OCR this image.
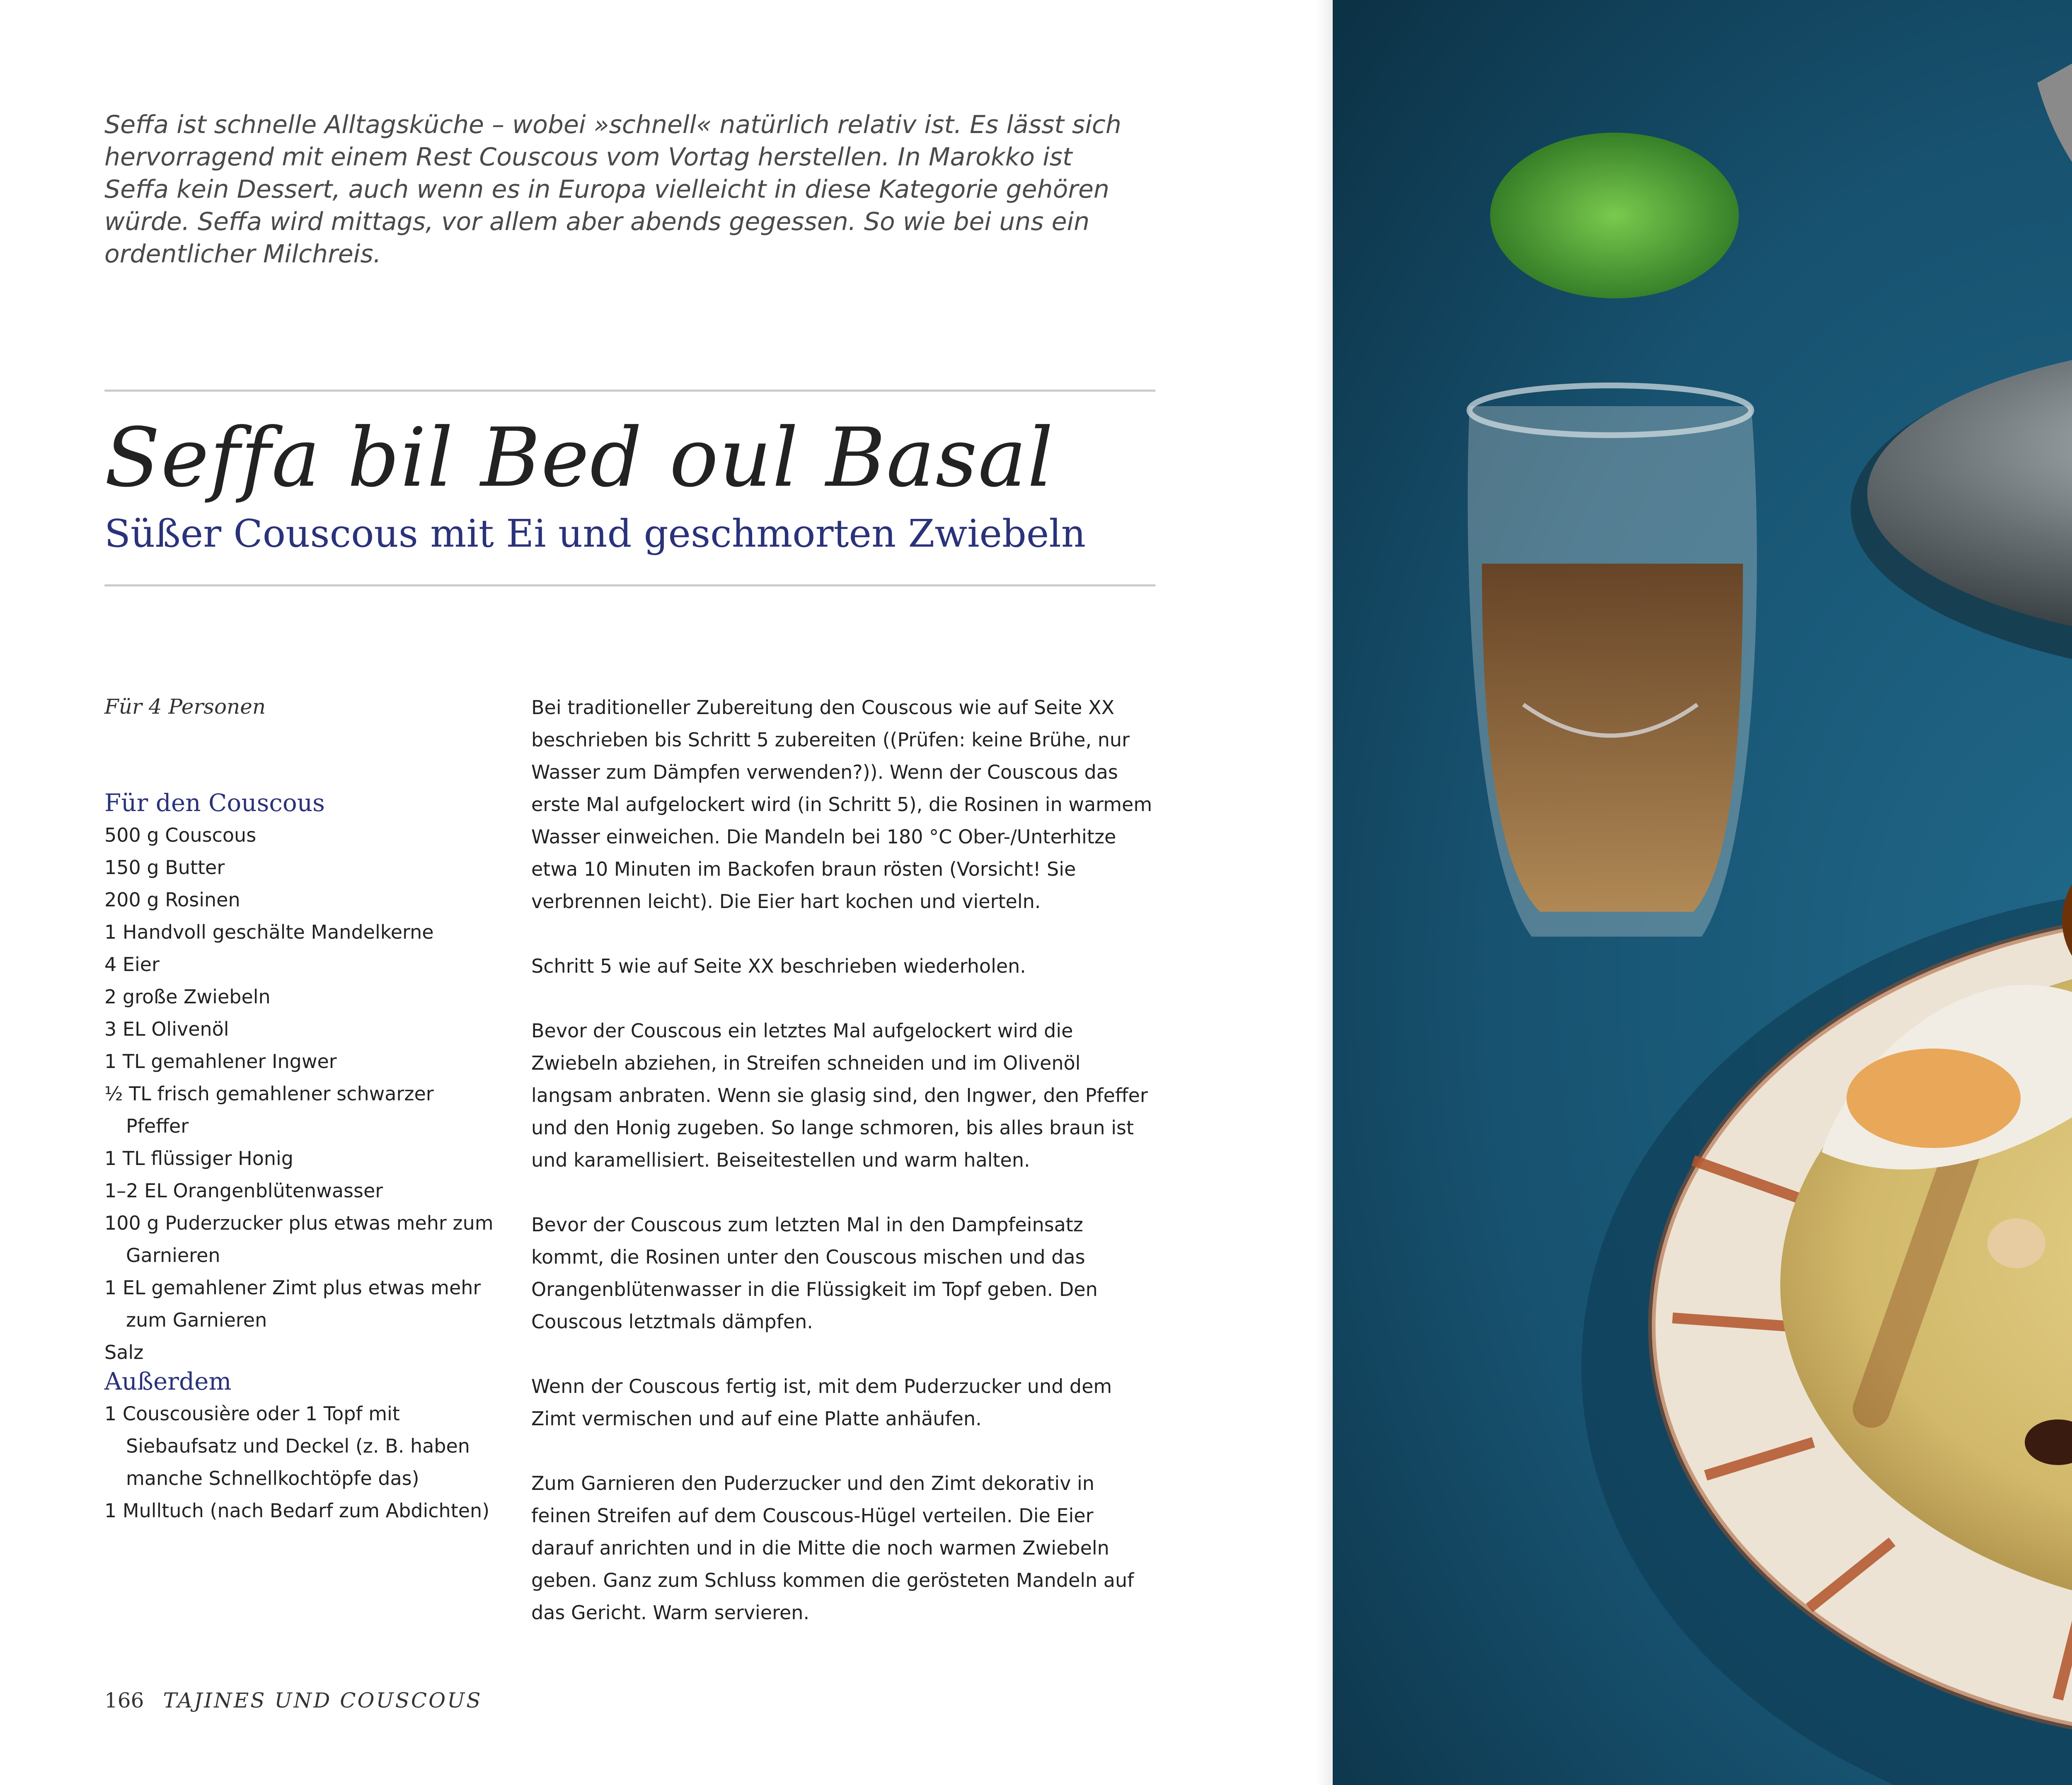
Seffa ist schnelle Alltagsküche – wobei »schnell« natürlich relativ ist. Es lässt sich hervorragend mit einem Rest Couscous vom Vortag herstellen. In Marokko ist Seffa kein Dessert, auch wenn es in Europa vielleicht in diese Kategorie gehören würde. Seffa wird mittags, vor allem aber abends gegessen. So wie bei uns ein ordentlicher Milchreis.
Seffa bil Bed oul Basal
Süßer Couscous mit Ei und geschmorten Zwiebeln
Für 4 Personen
Für den Couscous
500 g Couscous
150 g Butter
200 g Rosinen
1 Handvoll geschälte Mandelkerne
4 Eier
2 große Zwiebeln
3 EL Olivenöl
1 TL gemahlener Ingwer
½ TL frisch gemahlener schwarzer Pfeffer
1 TL flüssiger Honig
1–2 EL Orangenblütenwasser
100 g Puderzucker plus etwas mehr zum Garnieren
1 EL gemahlener Zimt plus etwas mehr zum Garnieren
Salz
Außerdem
1 Couscousière oder 1 Topf mit Siebaufsatz und Deckel (z. B. haben manche Schnellkochtöpfe das)
1 Mulltuch (nach Bedarf zum Abdichten)

Bei traditioneller Zubereitung den Couscous wie auf Seite XX beschrieben bis Schritt 5 zubereiten ((Prüfen: keine Brühe, nur Wasser zum Dämpfen verwenden?)). Wenn der Couscous das erste Mal aufgelockert wird (in Schritt 5), die Rosinen in warmem Wasser einweichen. Die Mandeln bei 180 °C Ober-/Unterhitze etwa 10 Minuten im Backofen braun rösten (Vorsicht! Sie verbrennen leicht). Die Eier hart kochen und vierteln.

Schritt 5 wie auf Seite XX beschrieben wiederholen.

Bevor der Couscous ein letztes Mal aufgelockert wird die Zwiebeln abziehen, in Streifen schneiden und im Olivenöl langsam anbraten. Wenn sie glasig sind, den Ingwer, den Pfeffer und den Honig zugeben. So lange schmoren, bis alles braun ist und karamellisiert. Beiseitestellen und warm halten.

Bevor der Couscous zum letzten Mal in den Dampfeinsatz kommt, die Rosinen unter den Couscous mischen und das Orangenblütenwasser in die Flüssigkeit im Topf geben. Den Couscous letztmals dämpfen.

Wenn der Couscous fertig ist, mit dem Puderzucker und dem Zimt vermischen und auf eine Platte anhäufen.

Zum Garnieren den Puderzucker und den Zimt dekorativ in feinen Streifen auf dem Couscous-Hügel verteilen. Die Eier darauf anrichten und in die Mitte die noch warmen Zwiebeln geben. Ganz zum Schluss kommen die gerösteten Mandeln auf das Gericht. Warm servieren.

166 TAJINES UND COUSCOUS
